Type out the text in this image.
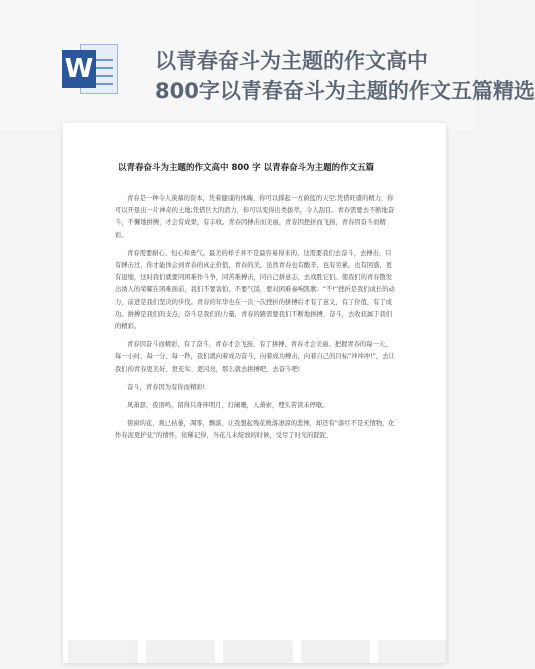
W	以青春奋斗为主题的作文高中
800字以青春奋斗为主题的作文五篇精选
以青春奋斗为主题的作文高中 800 字 以青春奋斗为主题的作文五篇

青春是一种令人羡慕的资本，凭着健康的体魄，你可以撑起一方蔚蓝的天空;凭借旺盛的精力，你可以开垦出一片神奇的土地;凭借巨大的潜力，你可以变得出类拔萃，令人刮目。青春需要去不断地奋斗，不懈地拼搏，才会有成果，有丰收。青春因搏击而美丽，青春因挫折而飞扬，青春因奋斗而精彩。

青春需要耐心、恒心和勇气。最美的样子并不是最容易得来的，这需要我们去奋斗，去搏击，只有搏击过，你才能体会到青春的真正价值，青春的美。虽然青春也有酸辛，也有劳累，也有困惑，更有退缩，这时我们就要同困难作斗争，同苦难搏击，同自己拼意志，去战胜它们。使我们的青春散发出诱人的荣耀在困难面前，我们不要害怕，不要气馁，要对困难奏响凯歌：“不!”挫折是我们成长的动力，前进是我们坚决的步伐。青春的年华也在一次一次挫折的拼搏后才有了意义，有了价值，有了成功。拼搏是我们的支点，奋斗是我们的力量，青春的路需要我们不断地拼搏、奋斗，去收获属于我们的精彩。

青春因奋斗而精彩，有了奋斗，青春才会飞扬，有了拼搏，青春才会美丽。把握青春的每一天、每一小时、每一分、每一秒，我们就向着成功奋斗，向着成功搏击，向着自己的目标“冲冲冲!”，去让我们的青春更美好、更充实、更闪亮，那么就去拼搏吧，去奋斗吧!

奋斗，青春因为有你而精彩!

风萧瑟，夜语鸣，留得只身伴明月，灯阑珊，人萧索，埋头苦读未停歇。

傍窗的花，观已枯萎，凋零，飘落，让我想起残花败落凄凉的悲惨，却还有“落红不是无情物，化作春泥更护花”的情怀，依稀记得，当花儿未绽放的时候，受尽了时光的蹉跎，
